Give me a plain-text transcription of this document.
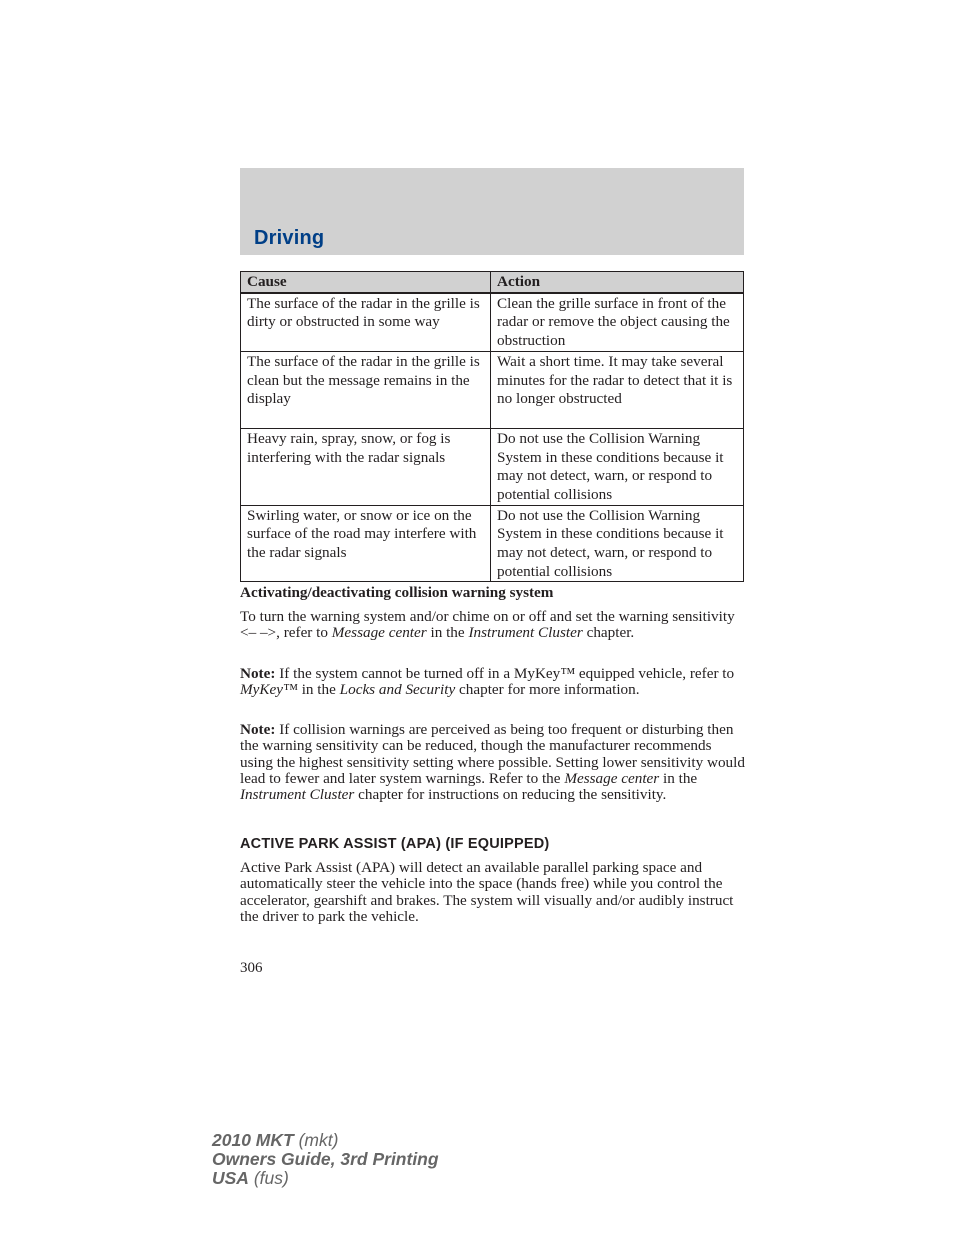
Driving
Cause	Action
The surface of the radar in the grille is dirty or obstructed in some way	Clean the grille surface in front of the radar or remove the object causing the obstruction
The surface of the radar in the grille is clean but the message remains in the display	Wait a short time. It may take several minutes for the radar to detect that it is no longer obstructed
Heavy rain, spray, snow, or fog is interfering with the radar signals	Do not use the Collision Warning System in these conditions because it may not detect, warn, or respond to potential collisions
Swirling water, or snow or ice on the surface of the road may interfere with the radar signals	Do not use the Collision Warning System in these conditions because it may not detect, warn, or respond to potential collisions
Activating/deactivating collision warning system

To turn the warning system and/or chime on or off and set the warning sensitivity <– –>, refer to Message center in the Instrument Cluster chapter.

Note: If the system cannot be turned off in a MyKey™ equipped vehicle, refer to MyKey™ in the Locks and Security chapter for more information.

Note: If collision warnings are perceived as being too frequent or disturbing then the warning sensitivity can be reduced, though the manufacturer recommends using the highest sensitivity setting where possible. Setting lower sensitivity would lead to fewer and later system warnings. Refer to the Message center in the Instrument Cluster chapter for instructions on reducing the sensitivity.

ACTIVE PARK ASSIST (APA) (IF EQUIPPED)

Active Park Assist (APA) will detect an available parallel parking space and automatically steer the vehicle into the space (hands free) while you control the accelerator, gearshift and brakes. The system will visually and/or audibly instruct the driver to park the vehicle.

306
2010 MKT (mkt)
Owners Guide, 3rd Printing
USA (fus)
